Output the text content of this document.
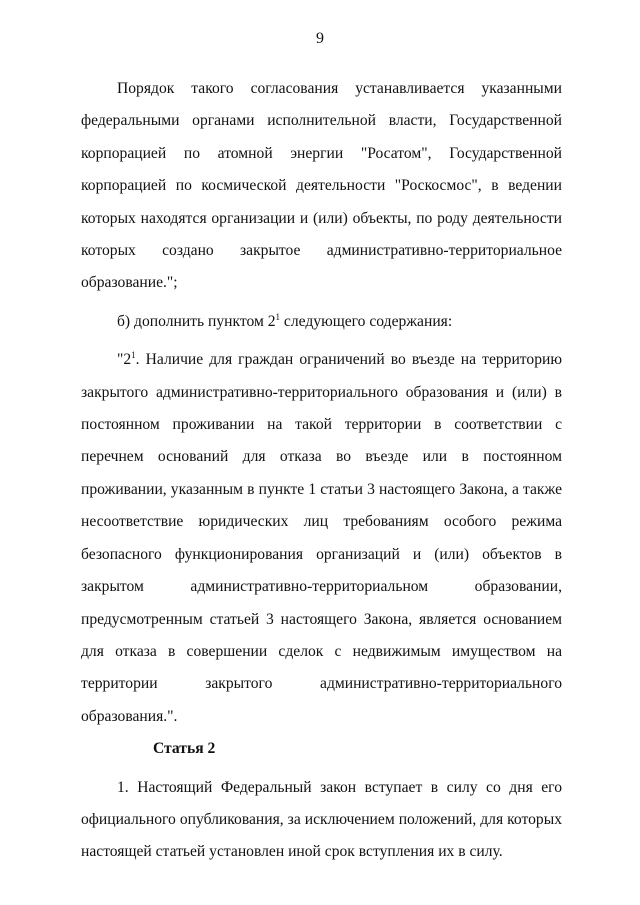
9

Порядок такого согласования устанавливается указанными федеральными органами исполнительной власти, Государственной корпорацией по атомной энергии "Росатом", Государственной корпорацией по космической деятельности "Роскосмос", в ведении которых находятся организации и (или) объекты, по роду деятельности которых создано закрытое административно-территориальное образование.";

б) дополнить пунктом $2^1$ следующего содержания:

"$2^1$. Наличие для граждан ограничений во въезде на территорию закрытого административно-территориального образования и (или) в постоянном проживании на такой территории в соответствии с перечнем оснований для отказа во въезде или в постоянном проживании, указанным в пункте 1 статьи 3 настоящего Закона, а также несоответствие юридических лиц требованиям особого режима безопасного функционирования организаций и (или) объектов в закрытом административно-территориальном образовании, предусмотренным статьей 3 настоящего Закона, является основанием для отказа в совершении сделок с недвижимым имуществом на территории закрытого административно-территориального образования.".

Статья 2

1. Настоящий Федеральный закон вступает в силу со дня его официального опубликования, за исключением положений, для которых настоящей статьей установлен иной срок вступления их в силу.
